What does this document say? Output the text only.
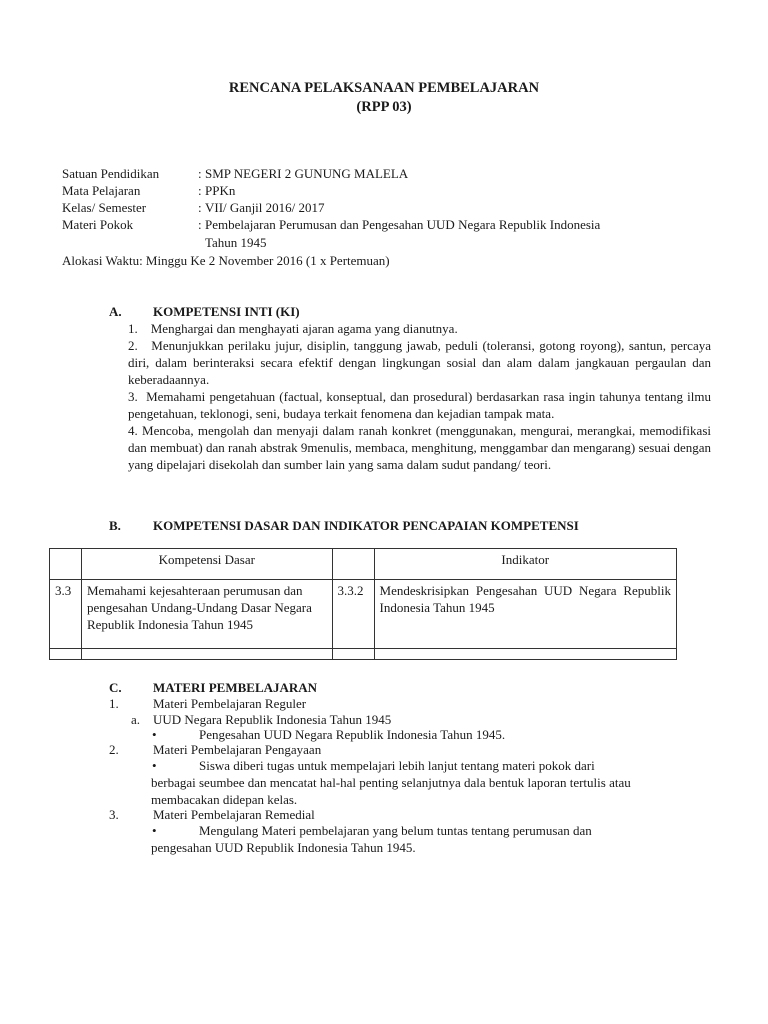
RENCANA PELAKSANAAN PEMBELAJARAN
(RPP 03)
Satuan Pendidikan	: SMP NEGERI 2 GUNUNG MALELA
Mata Pelajaran	: PPKn
Kelas/ Semester	: VII/ Ganjil 2016/ 2017
Materi Pokok	: Pembelajaran Perumusan dan Pengesahan UUD Negara Republik Indonesia
Tahun 1945
Alokasi Waktu: Minggu Ke 2 November 2016 (1 x Pertemuan)
A. KOMPETENSI INTI (KI)
1.    Menghargai dan menghayati ajaran agama yang dianutnya.
2.   Menunjukkan perilaku jujur, disiplin, tanggung jawab, peduli (toleransi, gotong royong), santun, percaya diri, dalam berinteraksi secara efektif dengan lingkungan sosial dan alam dalam jangkauan pergaulan dan keberadaannya.
3.  Memahami pengetahuan (factual, konseptual, dan prosedural) berdasarkan rasa ingin tahunya tentang ilmu pengetahuan, teklonogi, seni, budaya terkait fenomena dan kejadian tampak mata.
4. Mencoba, mengolah dan menyaji dalam ranah konkret (menggunakan, mengurai, merangkai, memodifikasi dan membuat) dan ranah abstrak 9menulis, membaca, menghitung, menggambar dan mengarang) sesuai dengan yang dipelajari disekolah dan sumber lain yang sama dalam sudut pandang/ teori.
B. KOMPETENSI DASAR DAN INDIKATOR PENCAPAIAN KOMPETENSI
	Kompetensi Dasar		Indikator
3.3	Memahami kejesahteraan perumusan dan pengesahan Undang-Undang Dasar Negara Republik Indonesia Tahun 1945	3.3.2	Mendeskrisipkan Pengesahan UUD Negara Republik Indonesia Tahun 1945

C. MATERI PEMBELAJARAN
1.	Materi Pembelajaran Reguler
a. UUD Negara Republik Indonesia Tahun 1945
•	Pengesahan UUD Negara Republik Indonesia Tahun 1945.
2.	Materi Pembelajaran Pengayaan
•	Siswa diberi tugas untuk mempelajari lebih lanjut tentang materi pokok dari
berbagai seumbee dan mencatat hal-hal penting selanjutnya dala bentuk laporan tertulis atau
membacakan didepan kelas.
3.	Materi Pembelajaran Remedial
•	Mengulang Materi pembelajaran yang belum tuntas tentang perumusan dan
pengesahan UUD Republik Indonesia Tahun 1945.
